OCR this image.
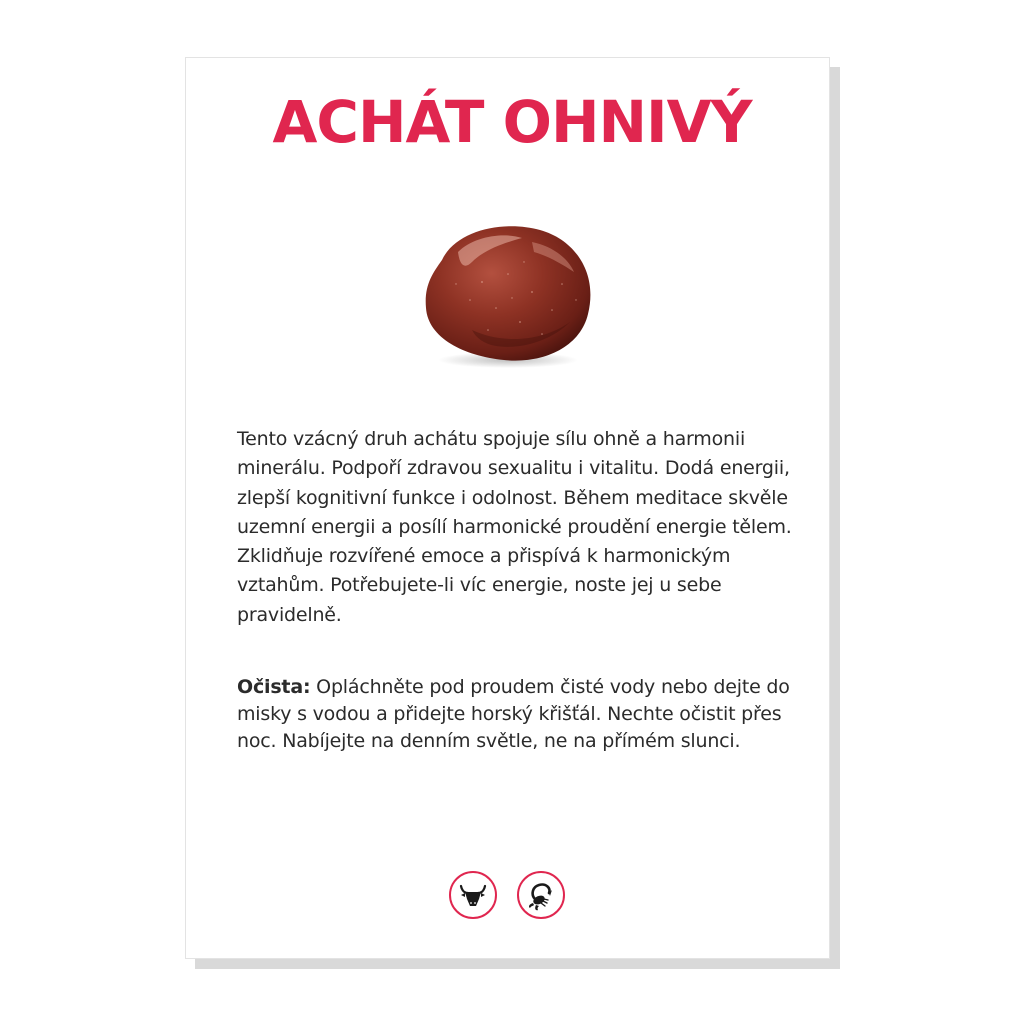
ACHÁT OHNIVÝ

Tento vzácný druh achátu spojuje sílu ohně a harmonii minerálu. Podpoří zdravou sexualitu i vitalitu. Dodá energii, zlepší kognitivní funkce i odolnost. Během meditace skvěle uzemní energii a posílí harmonické proudění energie tělem. Zklidňuje rozvířené emoce a přispívá k harmonickým vztahům. Potřebujete-li víc energie, noste jej u sebe pravidelně.

Očista: Opláchněte pod proudem čisté vody nebo dejte do misky s vodou a přidejte horský křišťál. Nechte očistit přes noc. Nabíjejte na denním světle, ne na přímém slunci.
